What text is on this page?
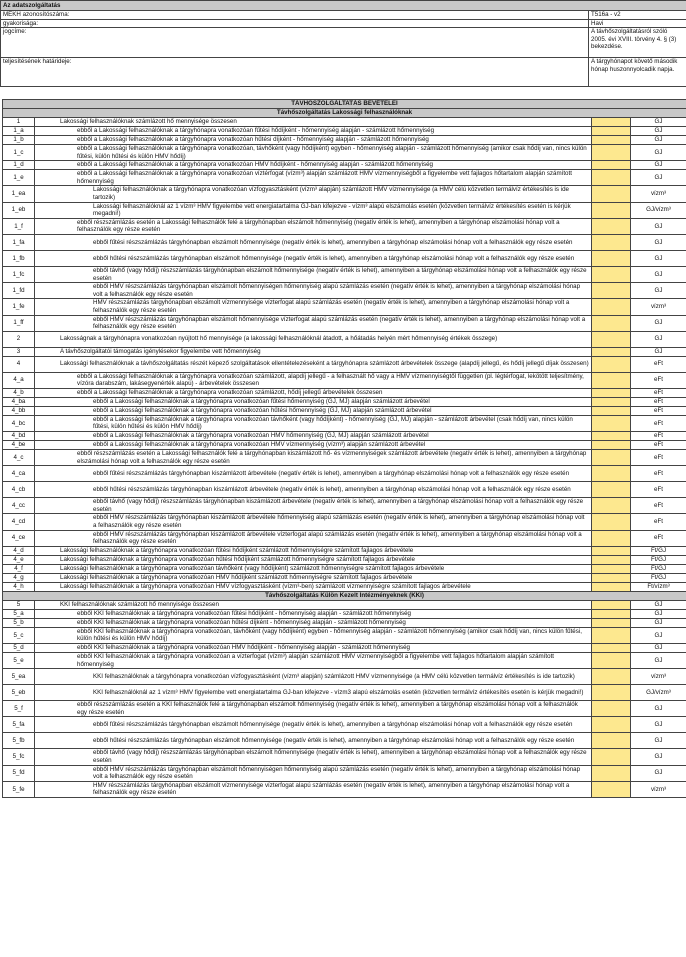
Az adatszolgáltatás	
MEKH azonosítószáma:	T516a - v2
gyakorisága:	Havi
jogcíme:	A távhőszolgáltatásról szóló 2005. évi XVIII. törvény 4. § (3) bekezdése.
teljesítésének határideje:	A tárgyhónapot követő második hónap huszonnyolcadik napja.
TÁVHŐSZOLGÁLTATÁS BEVÉTELEI			
Távhőszolgáltatás Lakossági felhasználóknak			
1	Lakossági felhasználóknak számlázott hő mennyisége összesen		GJ
1_a	ebből a Lakossági felhasználóknak a tárgyhónapra vonatkozóan fűtési hődíjként - hőmennyiség alapján - számlázott hőmennyiség		GJ
1_b	ebből a Lakossági felhasználóknak a tárgyhónapra vonatkozóan hűtési díjként - hőmennyiség alapján - számlázott hőmennyiség		GJ
1_c	ebből a Lakossági felhasználóknak a tárgyhónapra vonatkozóan, távhőként (vagy hődíjként) egyben - hőmennyiség alapján - számlázott hőmennyiség (amikor csak hődíj van, nincs külön fűtési, külön hűtési és külön HMV hődíj)		GJ
1_d	ebből a Lakossági felhasználóknak a tárgyhónapra vonatkozóan HMV hődíjként - hőmennyiség alapján - számlázott hőmennyiség		GJ
1_e	ebből a Lakossági felhasználóknak a tárgyhónapra vonatkozóan víztérfogat (vízm³) alapján számlázott HMV vízmennyiségből a figyelembe vett fajlagos hőtartalom alapján számított hőmennyiség		GJ
1_ea	Lakossági felhasználóknak a tárgyhónapra vonatkozóan vízfogyasztásként (vízm³ alapján) számlázott HMV vízmennyisége (a HMV célú közvetlen termálvíz értékesítés is ide tartozik)		vízm³
1_eb	Lakossági felhasználóknál az 1 vízm³ HMV figyelembe vett energiatartalma GJ-ban kifejezve - vízm³ alapú elszámolás esetén (közvetlen termálvíz értékesítés esetén is kérjük megadni!)		GJ/vízm³
1_f	ebből részszámlázás esetén a Lakossági felhasználók felé a tárgyhónapban elszámolt hőmennyiség (negatív érték is lehet), amennyiben a tárgyhónap elszámolási hónap volt a felhasználók egy része esetén		GJ
1_fa	ebből fűtési részszámlázás tárgyhónapban elszámolt hőmennyisége (negatív érték is lehet), amennyiben a tárgyhónap elszámolási hónap volt a felhasználók egy része esetén		GJ
1_fb	ebből hűtési részszámlázás tárgyhónapban elszámolt hőmennyisége (negatív érték is lehet), amennyiben a tárgyhónap elszámolási hónap volt a felhasználók egy része esetén		GJ
1_fc	ebből távhő (vagy hődíj) részszámlázás tárgyhónapban elszámolt hőmennyisége (negatív érték is lehet), amennyiben a tárgyhónap elszámolási hónap volt a felhasználók egy része esetén		GJ
1_fd	ebből HMV részszámlázás tárgyhónapban elszámolt hőmennyiségen hőmennyiség alapú számlázás esetén (negatív érték is lehet), amennyiben a tárgyhónap elszámolási hónap volt a felhasználók egy része esetén		GJ
1_fe	HMV részszámlázás tárgyhónapban elszámolt vízmennyisége vízterfogat alapú számlázás esetén (negatív érték is lehet), amennyiben a tárgyhónap elszámolási hónap volt a felhasználók egy része esetén		vízm³
1_ff	ebből HMV részszámlázás tárgyhónapban elszámolt hőmennyisége vízterfogat alapú számlázás esetén (negatív érték is lehet), amennyiben a tárgyhónap elszámolási hónap volt a felhasználók egy része esetén		GJ
2	Lakosságnak a tárgyhónapra vonatkozóan nyújtott hő mennyisége (a lakossági felhasználóknál átadott, a hőátadás helyén mért hőmennyiség értékek összege)		GJ
3	A távhőszolgáltatói támogatás igénylésekor figyelembe vett hőmennyiség		GJ
4	Lakossági felhasználóknak a távhőszolgáltatás részét képező szolgáltatások ellentételezéseként a tárgyhónapra számlázott árbevételek összege (alapdíj jellegű, és hődíj jellegű díjak összesen)		eFt
4_a	ebből a Lakossági felhasználóknak a tárgyhónapra vonatkozóan számlázott, alapdíj jellegű - a felhasznált hő vagy a HMV vízmennyiségtől független (pl. légtérfogat, lekötött teljesítmény, vízóra darabszám, lakásegyenérték alapú) - árbevételek összesen		eFt
4_b	ebből a Lakossági felhasználóknak a tárgyhónapra vonatkozóan számlázott, hődíj jellegű árbevételek összesen		eFt
4_ba	ebből a Lakossági felhasználóknak a tárgyhónapra vonatkozóan fűtési hőmennyiség (GJ, MJ) alapján számlázott árbevétel		eFt
4_bb	ebből a Lakossági felhasználóknak a tárgyhónapra vonatkozóan hűtési hőmennyiség (GJ, MJ) alapján számlázott árbevétel		eFt
4_bc	ebből a Lakossági felhasználóknak a tárgyhónapra vonatkozóan távhőként (vagy hődíjként) - hőmennyiség (GJ, MJ) alapján - számlázott árbevétel (csak hődíj van, nincs külön fűtési, külön hűtési és külön HMV hődíj)		eFt
4_bd	ebből a Lakossági felhasználóknak a tárgyhónapra vonatkozóan HMV hőmennyiség (GJ, MJ) alapján számlázott árbevétel		eFt
4_be	ebből a Lakossági felhasználóknak a tárgyhónapra vonatkozóan HMV vízmennyiség (vízm³) alapján számlázott árbevétel		eFt
4_c	ebből részszámlázás esetén a Lakossági felhasználók felé a tárgyhónapban kiszámlázott hő- és vízmennyiségek számlázott árbevétele (negatív érték is lehet), amennyiben a tárgyhónap elszámolási hónap volt a felhasználók egy része esetén		eFt
4_ca	ebből fűtési részszámlázás tárgyhónapban kiszámlázott árbevétele (negatív érték is lehet), amennyiben a tárgyhónap elszámolási hónap volt a felhasználók egy része esetén		eFt
4_cb	ebből hűtési részszámlázás tárgyhónapban kiszámlázott árbevétele (negatív érték is lehet), amennyiben a tárgyhónap elszámolási hónap volt a felhasználók egy része esetén		eFt
4_cc	ebből távhő (vagy hődíj) részszámlázás tárgyhónapban kiszámlázott árbevétele (negatív érték is lehet), amennyiben a tárgyhónap elszámolási hónap volt a felhasználók egy része esetén		eFt
4_cd	ebből HMV részszámlázás tárgyhónapban kiszámlázott árbevétele hőmennyiség alapú számlázás esetén (negatív érték is lehet), amennyiben a tárgyhónap elszámolási hónap volt a felhasználók egy része esetén		eFt
4_ce	ebből HMV részszámlázás tárgyhónapban kiszámlázott árbevétele vízterfogat alapú számlázás esetén (negatív érték is lehet), amennyiben a tárgyhónap elszámolási hónap volt a felhasználók egy része esetén		eFt
4_d	Lakossági felhasználóknak a tárgyhónapra vonatkozóan fűtési hődíjként számlázott hőmennyiségre számított fajlagos árbevétele		Ft/GJ
4_e	Lakossági felhasználóknak a tárgyhónapra vonatkozóan hűtési hődíjként számlázott hőmennyiségre számított fajlagos árbevétele		Ft/GJ
4_f	Lakossági felhasználóknak a tárgyhónapra vonatkozóan távhőként (vagy hődíjként) számlázott hőmennyiségre számított fajlagos árbevétele		Ft/GJ
4_g	Lakossági felhasználóknak a tárgyhónapra vonatkozóan HMV hődíjként számlázott hőmennyiségre számított fajlagos árbevétele		Ft/GJ
4_h	Lakossági felhasználóknak a tárgyhónapra vonatkozóan HMV vízfogyasztásként (vízm³-ben) számlázott vízmennyiségre számított fajlagos árbevétele		Ft/vízm³
Távhőszolgáltatás Külön Kezelt Intézményeknek (KKI)			
5	KKI felhasználóknak számlázott hő mennyisége összesen		GJ
5_a	ebből KKI felhasználóknak a tárgyhónapra vonatkozóan fűtési hődíjként - hőmennyiség alapján - számlázott hőmennyiség		GJ
5_b	ebből KKI felhasználóknak a tárgyhónapra vonatkozóan hűtési díjként - hőmennyiség alapján - számlázott hőmennyiség		GJ
5_c	ebből KKI felhasználóknak a tárgyhónapra vonatkozóan, távhőként (vagy hődíjként) egyben - hőmennyiség alapján - számlázott hőmennyiség (amikor csak hődíj van, nincs külön fűtési, külön hűtési és külön HMV hődíj)		GJ
5_d	ebből KKI felhasználóknak a tárgyhónapra vonatkozóan HMV hődíjként - hőmennyiség alapján - számlázott hőmennyiség		GJ
5_e	ebből KKI felhasználóknak a tárgyhónapra vonatkozóan a vízterfogat (vízm³) alapján számlázott HMV vízmennyiségből a figyelembe vett fajlagos hőtartalom alapján számított hőmennyiség		GJ
5_ea	KKI felhasználóknak a tárgyhónapra vonatkozóan vízfogyasztásként (vízm³ alapján) számlázott HMV vízmennyisége (a HMV célú közvetlen termálvíz értékesítés is ide tartozik)		vízm³
5_eb	KKI felhasználóknál az 1 vízm³ HMV figyelembe vett energiatartalma GJ-ban kifejezve - vízm3 alapú elszámolás esetén (közvetlen termálvíz értékesítés esetén is kérjük megadni!)		GJ/vízm³
5_f	ebből részszámlázás esetén a KKI felhasználók felé a tárgyhónapban elszámolt hőmennyiség (negatív érték is lehet), amennyiben a tárgyhónap elszámolási hónap volt a felhasználók egy része esetén		GJ
5_fa	ebből fűtési részszámlázás tárgyhónapban elszámolt hőmennyisége (negatív érték is lehet), amennyiben a tárgyhónap elszámolási hónap volt a felhasználók egy része esetén		GJ
5_fb	ebből hűtési részszámlázás tárgyhónapban elszámolt hőmennyisége (negatív érték is lehet), amennyiben a tárgyhónap elszámolási hónap volt a felhasználók egy része esetén		GJ
5_fc	ebből távhő (vagy hődíj) részszámlázás tárgyhónapban elszámolt hőmennyisége (negatív érték is lehet), amennyiben a tárgyhónap elszámolási hónap volt a felhasználók egy része esetén		GJ
5_fd	ebből HMV részszámlázás tárgyhónapban elszámolt hőmennyiségen hőmennyiség alapú számlázás esetén (negatív érték is lehet), amennyiben a tárgyhónap elszámolási hónap volt a felhasználók egy része esetén		GJ
5_fe	HMV részszámlázás tárgyhónapban elszámolt vízmennyisége vízterfogat alapú számlázás esetén (negatív érték is lehet), amennyiben a tárgyhónap elszámolási hónap volt a felhasználók egy része esetén		vízm³
